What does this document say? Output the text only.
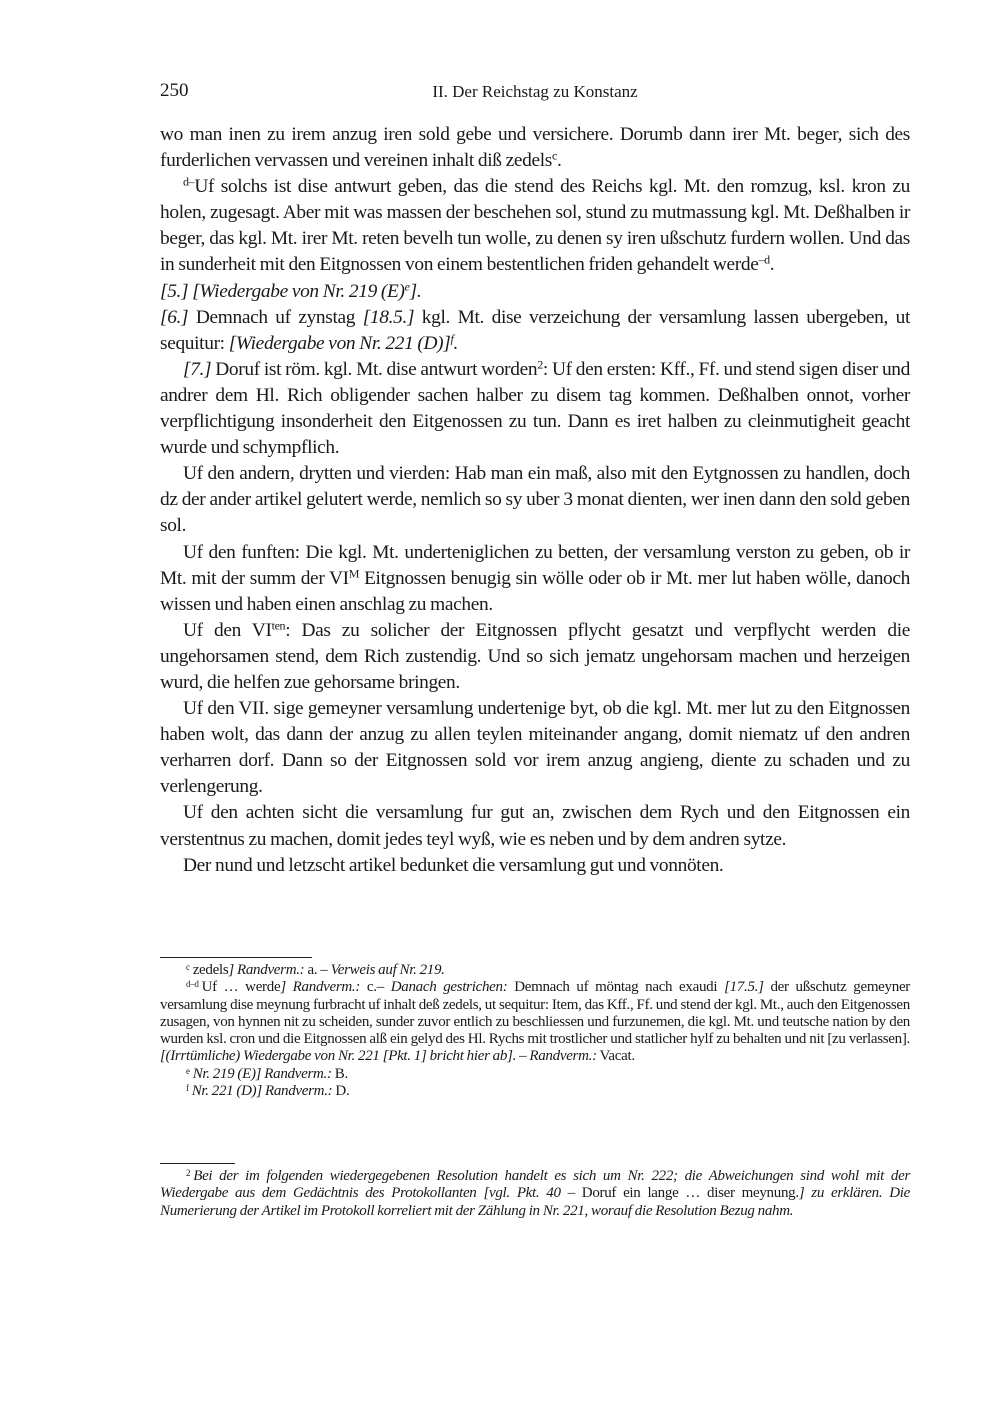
250	II. Der Reichstag zu Konstanz

wo man inen zu irem anzug iren sold gebe und versichere. Dorumb dann irer Mt. beger, sich des furderlichen vervassen und vereinen inhalt diß zedels$^c$.

$^{d-}$Uf solchs ist dise antwurt geben, das die stend des Reichs kgl. Mt. den romzug, ksl. kron zu holen, zugesagt. Aber mit was massen der beschehen sol, stund zu mutmassung kgl. Mt. Deßhalben ir beger, das kgl. Mt. irer Mt. reten bevelh tun wolle, zu denen sy iren ußschutz furdern wollen. Und das in sunderheit mit den Eitgnossen von einem bestentlichen friden gehandelt werde$^{-d}$.

[5.] [Wiedergabe von Nr. 219 $(E)^e$].

[6.] Demnach uf zynstag [18.5.] kgl. Mt. dise verzeichung der versamlung lassen ubergeben, ut sequitur: [Wiedergabe von Nr. 221 (D)]$^f$.

[7.] Doruf ist röm. kgl. Mt. dise antwurt worden$^2$: Uf den ersten: Kff., Ff. und stend sigen diser und andrer dem Hl. Rich obligender sachen halber zu disem tag kommen. Deßhalben onnot, vorher verpflichtigung insonderheit den Eitgenossen zu tun. Dann es iret halben zu cleinmutigheit geacht wurde und schympflich.

Uf den andern, drytten und vierden: Hab man ein maß, also mit den Eytgnossen zu handlen, doch dz der ander artikel gelutert werde, nemlich so sy uber 3 monat dienten, wer inen dann den sold geben sol.

Uf den funften: Die kgl. Mt. underteniglichen zu betten, der versamlung verston zu geben, ob ir Mt. mit der summ der $VI^M$ Eitgnossen benugig sin wölle oder ob ir Mt. mer lut haben wölle, danoch wissen und haben einen anschlag zu machen.

Uf den $VI^{ten}$: Das zu solicher der Eitgnossen pflycht gesatzt und verpflycht werden die ungehorsamen stend, dem Rich zustendig. Und so sich jematz ungehorsam machen und herzeigen wurd, die helfen zue gehorsame bringen.

Uf den VII. sige gemeyner versamlung undertenige byt, ob die kgl. Mt. mer lut zu den Eitgnossen haben wolt, das dann der anzug zu allen teylen miteinander angang, domit niematz uf den andren verharren dorf. Dann so der Eitgnossen sold vor irem anzug angieng, diente zu schaden und zu verlengerung.

Uf den achten sicht die versamlung fur gut an, zwischen dem Rych und den Eitgnossen ein verstentnus zu machen, domit jedes teyl wyß, wie es neben und by dem andren sytze.

Der nund und letzscht artikel bedunket die versamlung gut und vonnöten.

$^c$ zedels] Randverm.: a. – Verweis auf Nr. 219.

$^{d-d}$ Uf … werde] Randverm.: c.– Danach gestrichen: Demnach uf möntag nach exaudi [17.5.] der ußschutz gemeyner versamlung dise meynung furbracht uf inhalt deß zedels, ut sequitur: Item, das Kff., Ff. und stend der kgl. Mt., auch den Eitgenossen zusagen, von hynnen nit zu scheiden, sunder zuvor entlich zu beschliessen und furzunemen, die kgl. Mt. und teutsche nation by den wurden ksl. cron und die Eitgnossen alß ein gelyd des Hl. Rychs mit trostlicher und statlicher hylf zu behalten und nit [zu verlassen]. [(Irrtümliche) Wiedergabe von Nr. 221 [Pkt. 1] bricht hier ab]. – Randverm.: Vacat.

$^e$ Nr. 219 (E)] Randverm.: B.

$^f$ Nr. 221 (D)] Randverm.: D.

$^2$ Bei der im folgenden wiedergegebenen Resolution handelt es sich um Nr. 222; die Abweichungen sind wohl mit der Wiedergabe aus dem Gedächtnis des Protokollanten [vgl. Pkt. 40 – Doruf ein lange … diser meynung.] zu erklären. Die Numerierung der Artikel im Protokoll korreliert mit der Zählung in Nr. 221, worauf die Resolution Bezug nahm.
